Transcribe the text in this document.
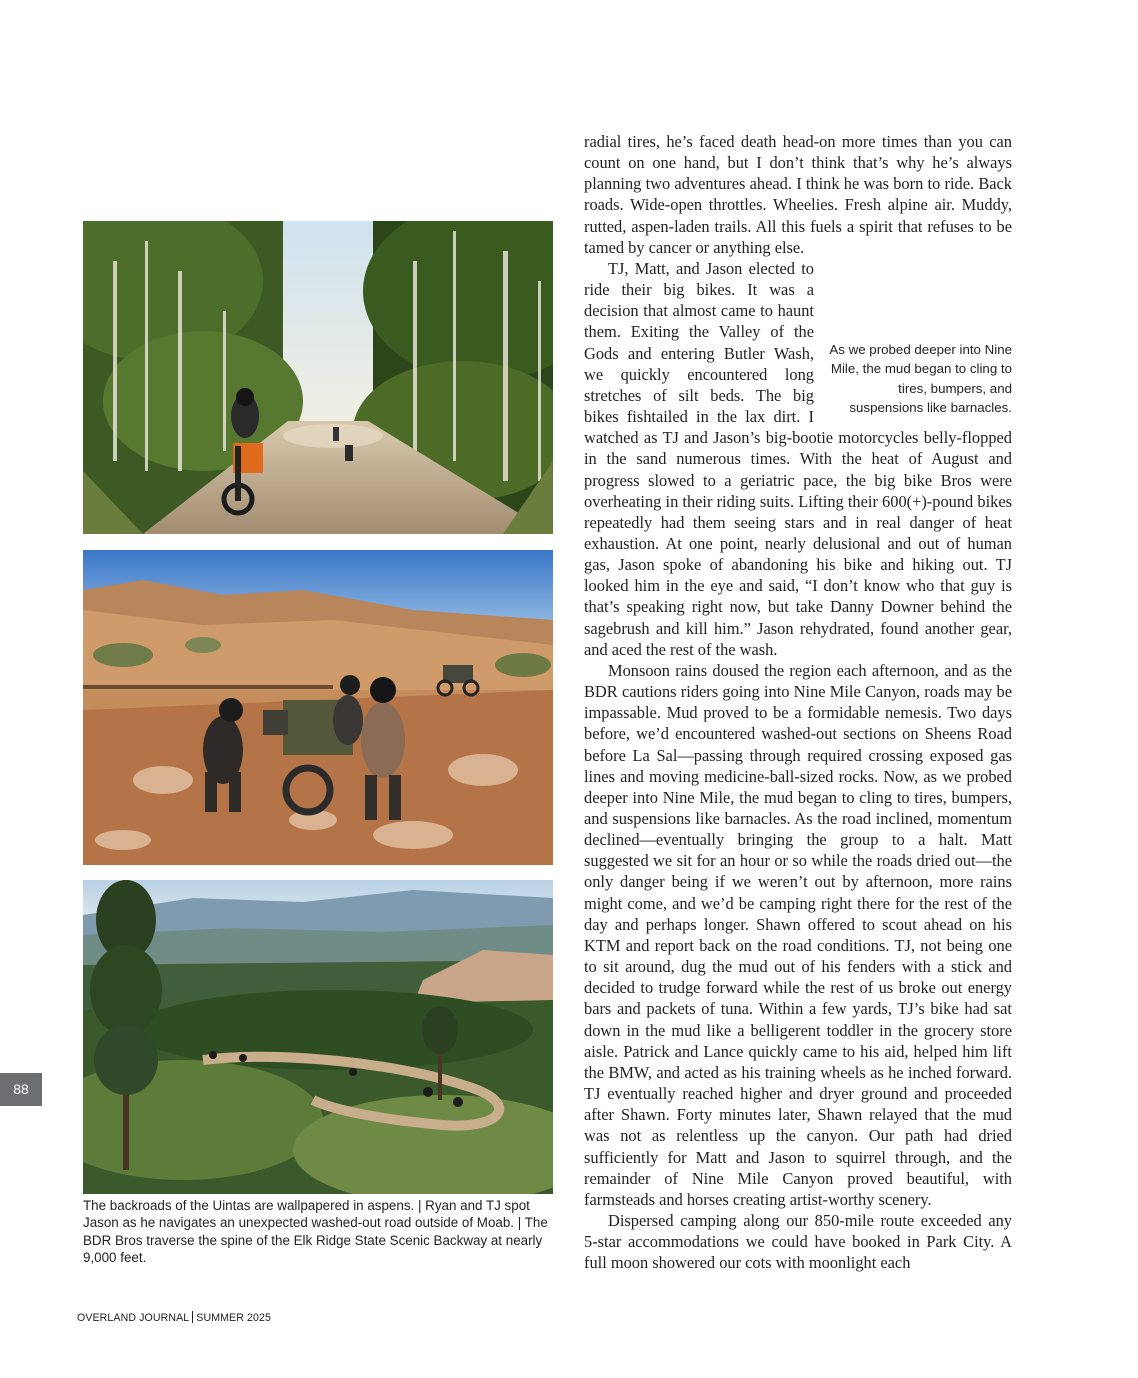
The backroads of the Uintas are wallpapered in aspens. | Ryan and TJ spot Jason as he navigates an unexpected washed-out road outside of Moab. | The BDR Bros traverse the spine of the Elk Ridge State Scenic Backway at nearly 9,000 feet.
88
OVERLAND JOURNAL SUMMER 2025

radial tires, he’s faced death head-on more times than you can count on one hand, but I don’t think that’s why he’s always planning two adventures ahead. I think he was born to ride. Back roads. Wide-open throttles. Wheelies. Fresh alpine air. Muddy, rutted, aspen-laden trails. All this fuels a spirit that refuses to be tamed by cancer or anything else.

As we probed deeper into Nine Mile, the mud began to cling to tires, bumpers, and suspensions like barnacles.

TJ, Matt, and Jason elected to ride their big bikes. It was a decision that almost came to haunt them. Exiting the Valley of the Gods and entering Butler Wash, we quickly encountered long stretches of silt beds. The big bikes fishtailed in the lax dirt. I watched as TJ and Jason’s big-bootie motorcycles belly-flopped in the sand numerous times. With the heat of August and progress slowed to a geriatric pace, the big bike Bros were overheating in their riding suits. Lifting their 600(+)-pound bikes repeatedly had them seeing stars and in real danger of heat exhaustion. At one point, nearly delusional and out of human gas, Jason spoke of abandoning his bike and hiking out. TJ looked him in the eye and said, “I don’t know who that guy is that’s speaking right now, but take Danny Downer behind the sagebrush and kill him.” Jason rehydrated, found another gear, and aced the rest of the wash.

Monsoon rains doused the region each afternoon, and as the BDR cautions riders going into Nine Mile Canyon, roads may be impassable. Mud proved to be a formidable nemesis. Two days before, we’d encountered washed-out sections on Sheens Road before La Sal—passing through required crossing exposed gas lines and moving medicine-ball-sized rocks. Now, as we probed deeper into Nine Mile, the mud began to cling to tires, bumpers, and suspensions like barnacles. As the road inclined, momentum declined—eventually bringing the group to a halt. Matt suggested we sit for an hour or so while the roads dried out—the only danger being if we weren’t out by afternoon, more rains might come, and we’d be camping right there for the rest of the day and perhaps longer. Shawn offered to scout ahead on his KTM and report back on the road conditions. TJ, not being one to sit around, dug the mud out of his fenders with a stick and decided to trudge forward while the rest of us broke out energy bars and packets of tuna. Within a few yards, TJ’s bike had sat down in the mud like a belligerent toddler in the grocery store aisle. Patrick and Lance quickly came to his aid, helped him lift the BMW, and acted as his training wheels as he inched forward. TJ eventually reached higher and dryer ground and proceeded after Shawn. Forty minutes later, Shawn relayed that the mud was not as relentless up the canyon. Our path had dried sufficiently for Matt and Jason to squirrel through, and the remainder of Nine Mile Canyon proved beautiful, with farmsteads and horses creating artist-worthy scenery.

Dispersed camping along our 850-mile route exceeded any 5-star accommodations we could have booked in Park City. A full moon showered our cots with moonlight each
